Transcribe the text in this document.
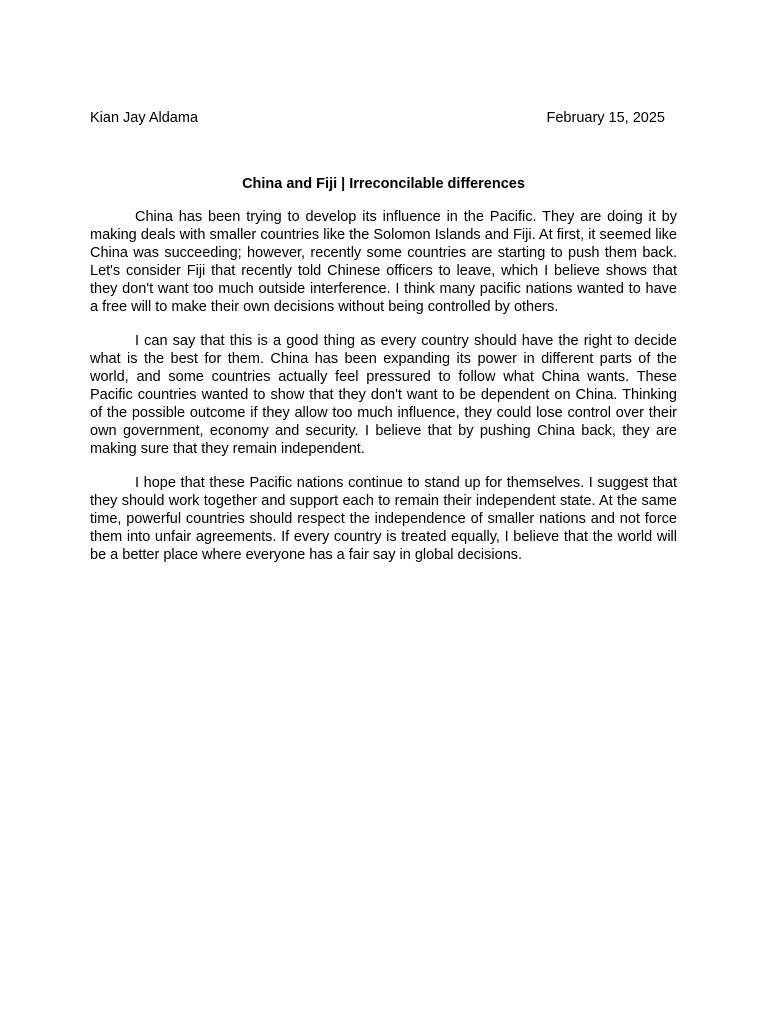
Kian Jay Aldama	February 15, 2025
China and Fiji | Irreconcilable differences

China has been trying to develop its influence in the Pacific. They are doing it by making deals with smaller countries like the Solomon Islands and Fiji. At first, it seemed like China was succeeding; however, recently some countries are starting to push them back. Let's consider Fiji that recently told Chinese officers to leave, which I believe shows that they don't want too much outside interference. I think many pacific nations wanted to have a free will to make their own decisions without being controlled by others.

I can say that this is a good thing as every country should have the right to decide what is the best for them. China has been expanding its power in different parts of the world, and some countries actually feel pressured to follow what China wants. These Pacific countries wanted to show that they don't want to be dependent on China. Thinking of the possible outcome if they allow too much influence, they could lose control over their own government, economy and security. I believe that by pushing China back, they are making sure that they remain independent.

I hope that these Pacific nations continue to stand up for themselves. I suggest that they should work together and support each to remain their independent state. At the same time, powerful countries should respect the independence of smaller nations and not force them into unfair agreements. If every country is treated equally, I believe that the world will be a better place where everyone has a fair say in global decisions.
